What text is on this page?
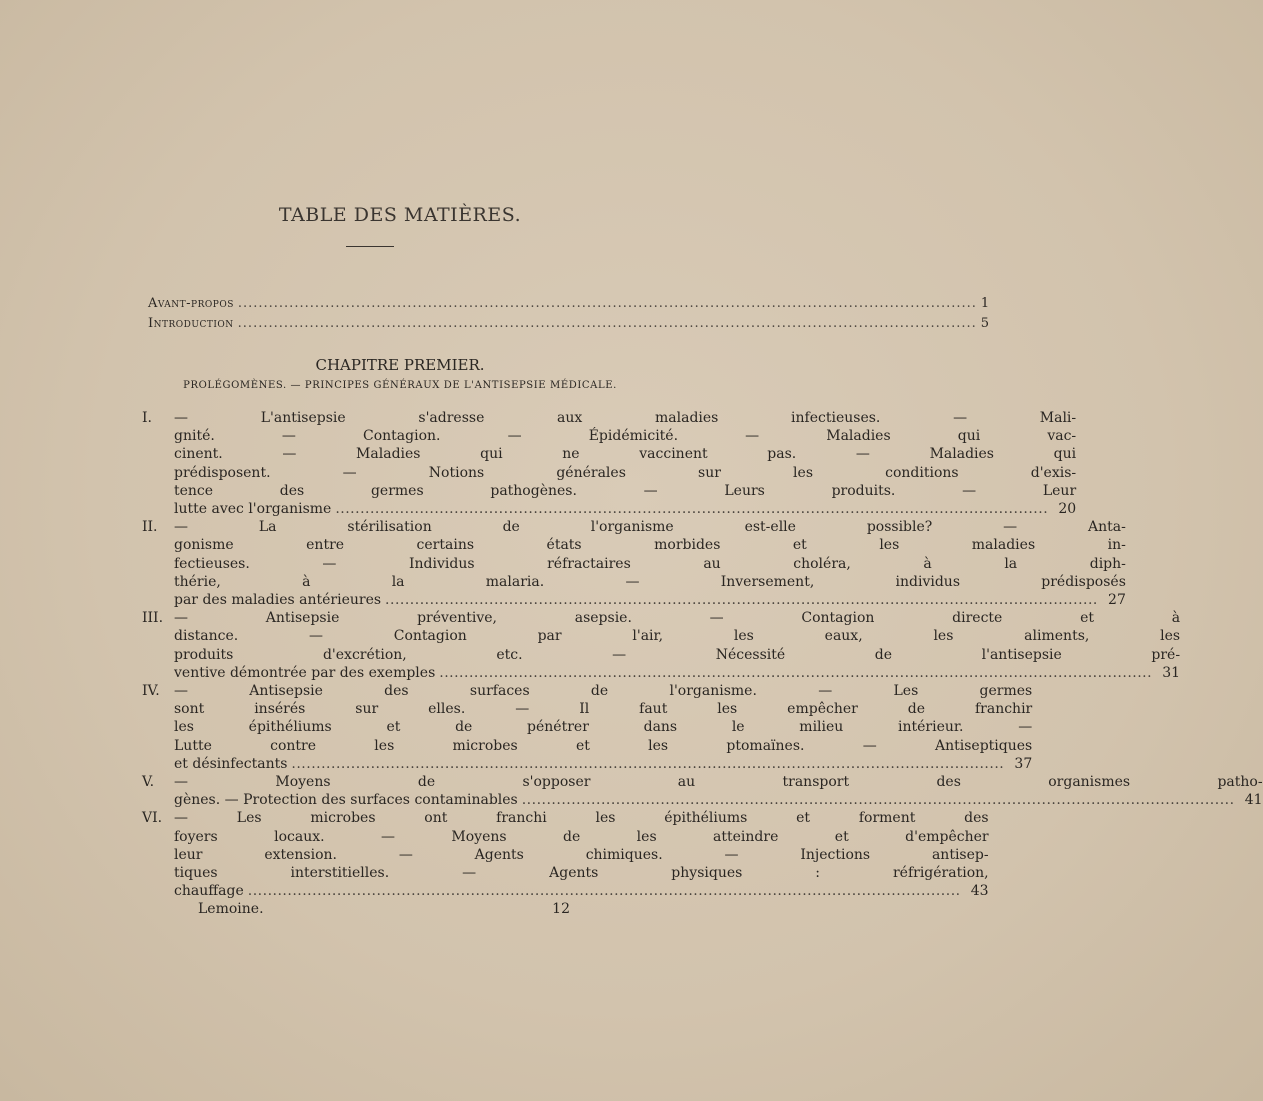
TABLE DES MATIÈRES.
Avant-propos .....	1
Introduction .....	5
CHAPITRE PREMIER.
PROLÉGOMÈNES. — PRINCIPES GÉNÉRAUX DE L'ANTISEPSIE MÉDICALE.
I.	— L'antisepsie s'adresse aux maladies infectieuses. — Mali-
gnité. — Contagion. — Épidémicité. — Maladies qui vac-
cinent. — Maladies qui ne vaccinent pas. — Maladies qui
prédisposent. — Notions générales sur les conditions d'exis-
tence des germes pathogènes. — Leurs produits. — Leur
lutte avec l'organisme .....	20
II.	— La stérilisation de l'organisme est-elle possible? — Anta-
gonisme entre certains états morbides et les maladies in-
fectieuses. — Individus réfractaires au choléra, à la diph-
thérie, à la malaria. — Inversement, individus prédisposés
par des maladies antérieures .....	27
III. — Antisepsie préventive, asepsie. — Contagion directe et à
distance. — Contagion par l'air, les eaux, les aliments, les
produits d'excrétion, etc. — Nécessité de l'antisepsie pré-
ventive démontrée par des exemples .....	31
IV.	— Antisepsie des surfaces de l'organisme. — Les germes
sont insérés sur elles. — Il faut les empêcher de franchir
les épithéliums et de pénétrer dans le milieu intérieur. —
Lutte contre les microbes et les ptomaïnes. — Antiseptiques
et désinfectants .....	37
V.	— Moyens de s'opposer au transport des organismes patho-
gènes. — Protection des surfaces contaminables .....	41
VI. — Les microbes ont franchi les épithéliums et forment des
foyers locaux. — Moyens de les atteindre et d'empêcher
leur extension. — Agents chimiques. — Injections antisep-
tiques interstitielles. — Agents physiques : réfrigération,
chauffage .....	43
Lemoine.	12
